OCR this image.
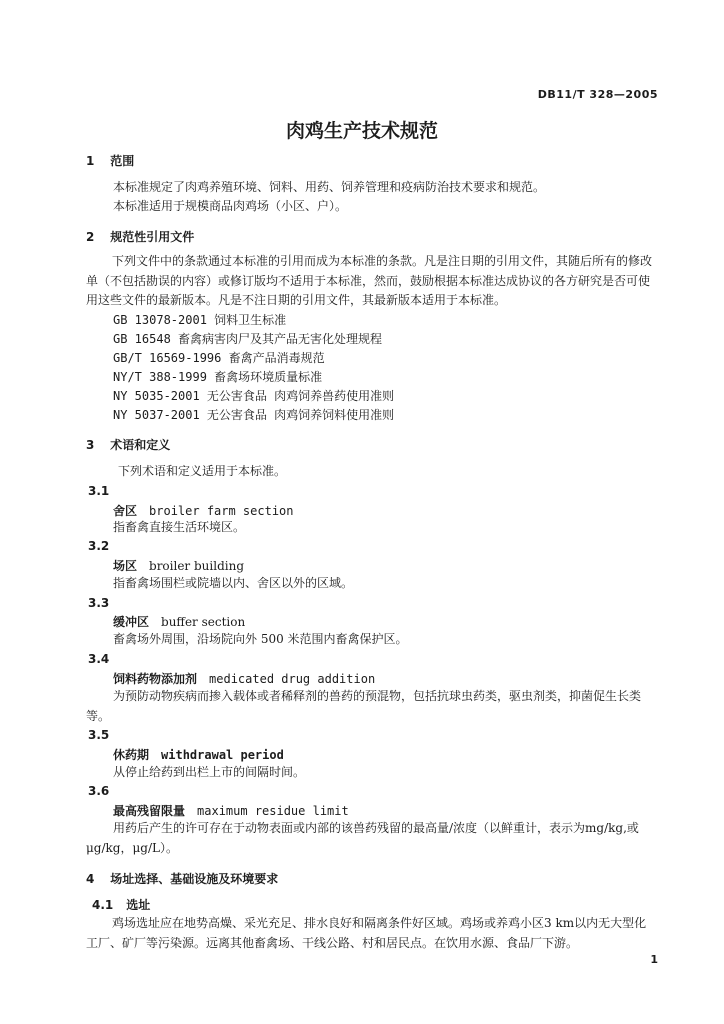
DB11/T 328—2005
肉鸡生产技术规范
1 范围
本标准规定了肉鸡养殖环境、饲料、用药、饲养管理和疫病防治技术要求和规范。
本标准适用于规模商品肉鸡场（小区、户）。
2 规范性引用文件
下列文件中的条款通过本标准的引用而成为本标准的条款。凡是注日期的引用文件，其随后所有的修改单（不包括勘误的内容）或修订版均不适用于本标准，然而，鼓励根据本标准达成协议的各方研究是否可使用这些文件的最新版本。凡是不注日期的引用文件，其最新版本适用于本标准。
GB 13078-2001 饲料卫生标准
GB 16548 畜禽病害肉尸及其产品无害化处理规程
GB/T 16569-1996 畜禽产品消毒规范
NY/T 388-1999 畜禽场环境质量标准
NY 5035-2001 无公害食品 肉鸡饲养兽药使用准则
NY 5037-2001 无公害食品 肉鸡饲养饲料使用准则
3 术语和定义
下列术语和定义适用于本标准。
3.1
舍区 broiler farm section
指畜禽直接生活环境区。
3.2
场区 broiler building
指畜禽场围栏或院墙以内、舍区以外的区域。
3.3
缓冲区 buffer section
畜禽场外周围，沿场院向外 500 米范围内畜禽保护区。
3.4
饲料药物添加剂 medicated drug addition
为预防动物疾病而掺入载体或者稀释剂的兽药的预混物，包括抗球虫药类，驱虫剂类，抑菌促生长类等。
3.5
休药期 withdrawal period
从停止给药到出栏上市的间隔时间。
3.6
最高残留限量 maximum residue limit
用药后产生的许可存在于动物表面或内部的该兽药残留的最高量/浓度（以鲜重计，表示为mg/kg,或μg/kg，μg/L）。
4 场址选择、基础设施及环境要求
4.1 选址
鸡场选址应在地势高燥、采光充足、排水良好和隔离条件好区域。鸡场或养鸡小区3 km以内无大型化工厂、矿厂等污染源。远离其他畜禽场、干线公路、村和居民点。在饮用水源、食品厂下游。
1
